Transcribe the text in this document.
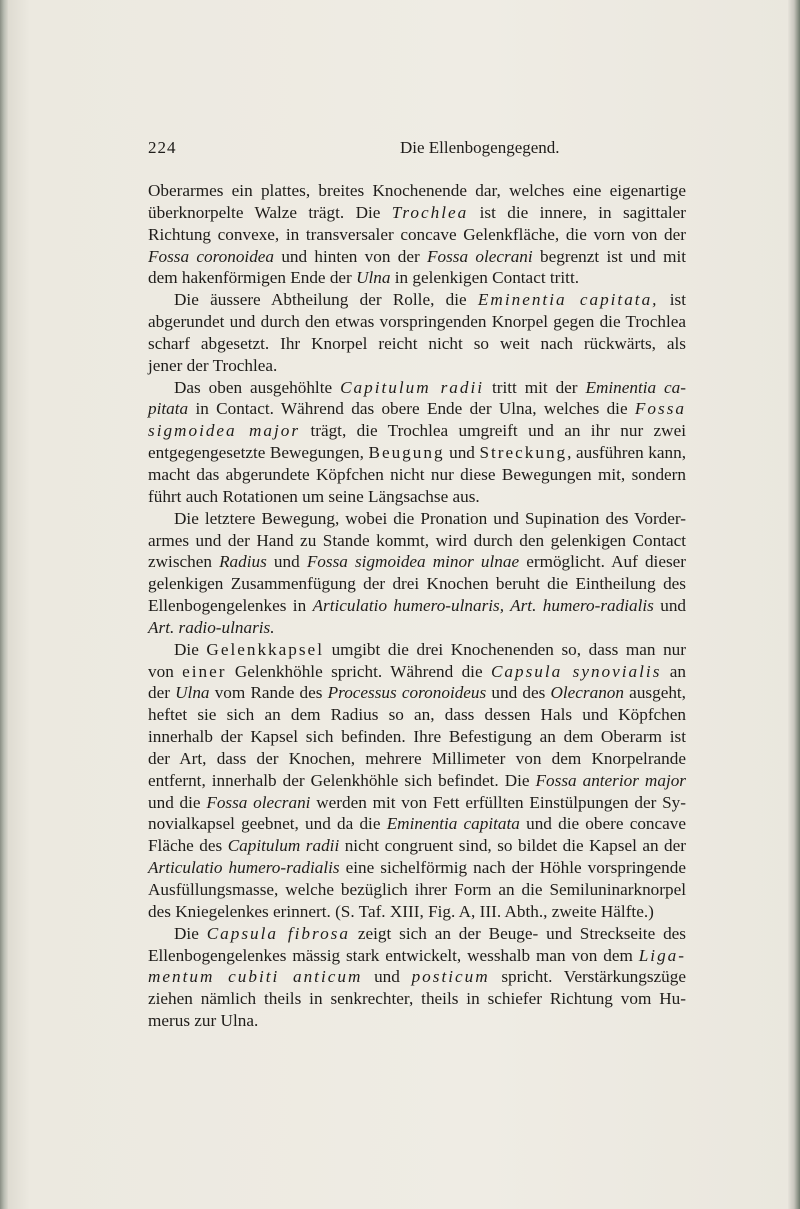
224	Die Ellenbogengegend.
Oberarmes ein plattes, breites Knochenende dar, welches eine eigenartige
überknorpelte Walze trägt. Die Trochlea ist die innere, in sagittaler
Richtung convexe, in transversaler concave Gelenkfläche, die vorn von der
Fossa coronoidea und hinten von der Fossa olecrani begrenzt ist und mit
dem hakenförmigen Ende der Ulna in gelenkigen Contact tritt.
Die äussere Abtheilung der Rolle, die Eminentia capitata, ist
abgerundet und durch den etwas vorspringenden Knorpel gegen die Trochlea
scharf abgesetzt. Ihr Knorpel reicht nicht so weit nach rückwärts, als
jener der Trochlea.
Das oben ausgehöhlte Capitulum radii tritt mit der Eminentia ca-
pitata in Contact. Während das obere Ende der Ulna, welches die Fossa
sigmoidea major trägt, die Trochlea umgreift und an ihr nur zwei
entgegengesetzte Bewegungen, Beugung und Streckung, ausführen kann,
macht das abgerundete Köpfchen nicht nur diese Bewegungen mit, sondern
führt auch Rotationen um seine Längsachse aus.
Die letztere Bewegung, wobei die Pronation und Supination des Vorder-
armes und der Hand zu Stande kommt, wird durch den gelenkigen Contact
zwischen Radius und Fossa sigmoidea minor ulnae ermöglicht. Auf dieser
gelenkigen Zusammenfügung der drei Knochen beruht die Eintheilung des
Ellenbogengelenkes in Articulatio humero-ulnaris, Art. humero-radialis und
Art. radio-ulnaris.
Die Gelenkkapsel umgibt die drei Knochenenden so, dass man nur
von einer Gelenkhöhle spricht. Während die Capsula synovialis an
der Ulna vom Rande des Processus coronoideus und des Olecranon ausgeht,
heftet sie sich an dem Radius so an, dass dessen Hals und Köpfchen
innerhalb der Kapsel sich befinden. Ihre Befestigung an dem Oberarm ist
der Art, dass der Knochen, mehrere Millimeter von dem Knorpelrande
entfernt, innerhalb der Gelenkhöhle sich befindet. Die Fossa anterior major
und die Fossa olecrani werden mit von Fett erfüllten Einstülpungen der Sy-
novialkapsel geebnet, und da die Eminentia capitata und die obere concave
Fläche des Capitulum radii nicht congruent sind, so bildet die Kapsel an der
Articulatio humero-radialis eine sichelförmig nach der Höhle vorspringende
Ausfüllungsmasse, welche bezüglich ihrer Form an die Semiluninarknorpel
des Kniegelenkes erinnert. (S. Taf. XIII, Fig. A, III. Abth., zweite Hälfte.)
Die Capsula fibrosa zeigt sich an der Beuge- und Streckseite des
Ellenbogengelenkes mässig stark entwickelt, wesshalb man von dem Liga-
mentum cubiti anticum und posticum spricht. Verstärkungszüge
ziehen nämlich theils in senkrechter, theils in schiefer Richtung vom Hu-
merus zur Ulna.
